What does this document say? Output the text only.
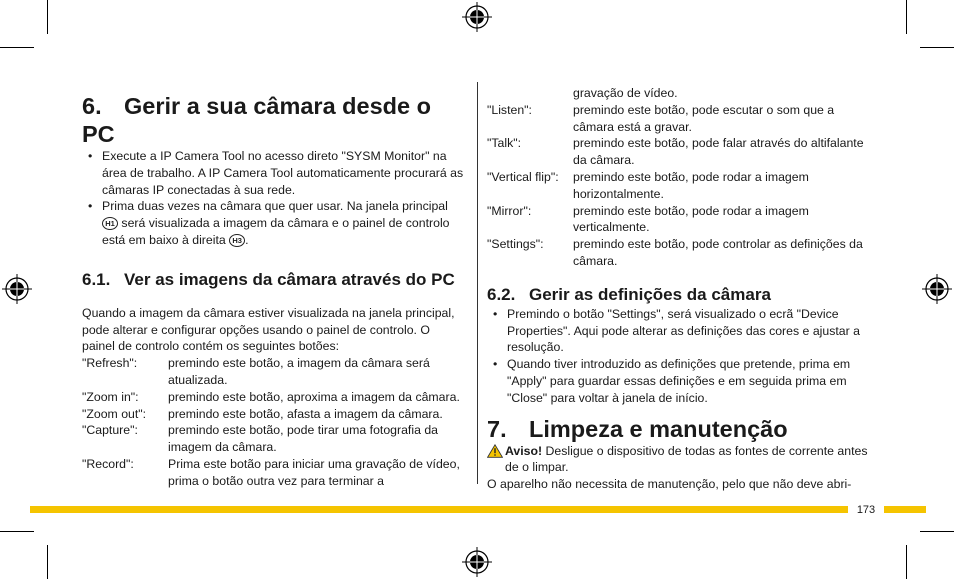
6. Gerir a sua câmara desde o PC
• Execute a IP Camera Tool no acesso direto "SYSM Monitor" na área de trabalho. A IP Camera Tool automaticamente procurará as câmaras IP conectadas à sua rede.
• Prima duas vezes na câmara que quer usar. Na janela principal H1 será visualizada a imagem da câmara e o painel de controlo está em baixo à direita H3 .
6.1. Ver as imagens da câmara através do PC
Quando a imagem da câmara estiver visualizada na janela principal, pode alterar e configurar opções usando o painel de controlo. O painel de controlo contém os seguintes botões:
"Refresh":	premindo este botão, a imagem da câmara será atualizada.
"Zoom in":	premindo este botão, aproxima a imagem da câmara.
"Zoom out":	premindo este botão, afasta a imagem da câmara.
"Capture":	premindo este botão, pode tirar uma fotografia da imagem da câmara.
"Record":	Prima este botão para iniciar uma gravação de vídeo, prima o botão outra vez para terminar a
gravação de vídeo.
"Listen":	premindo este botão, pode escutar o som que a câmara está a gravar.
"Talk":	premindo este botão, pode falar através do altifalante da câmara.
"Vertical flip":	premindo este botão, pode rodar a imagem horizontalmente.
"Mirror":	premindo este botão, pode rodar a imagem verticalmente.
"Settings":	premindo este botão, pode controlar as definições da câmara.
6.2. Gerir as definições da câmara
• Premindo o botão "Settings", será visualizado o ecrã "Device Properties". Aqui pode alterar as definições das cores e ajustar a resolução.
• Quando tiver introduzido as definições que pretende, prima em "Apply" para guardar essas definições e em seguida prima em "Close" para voltar à janela de início.
7. Limpeza e manutenção
Aviso! Desligue o dispositivo de todas as fontes de corrente antes de o limpar.
O aparelho não necessita de manutenção, pelo que não deve abri-
173
